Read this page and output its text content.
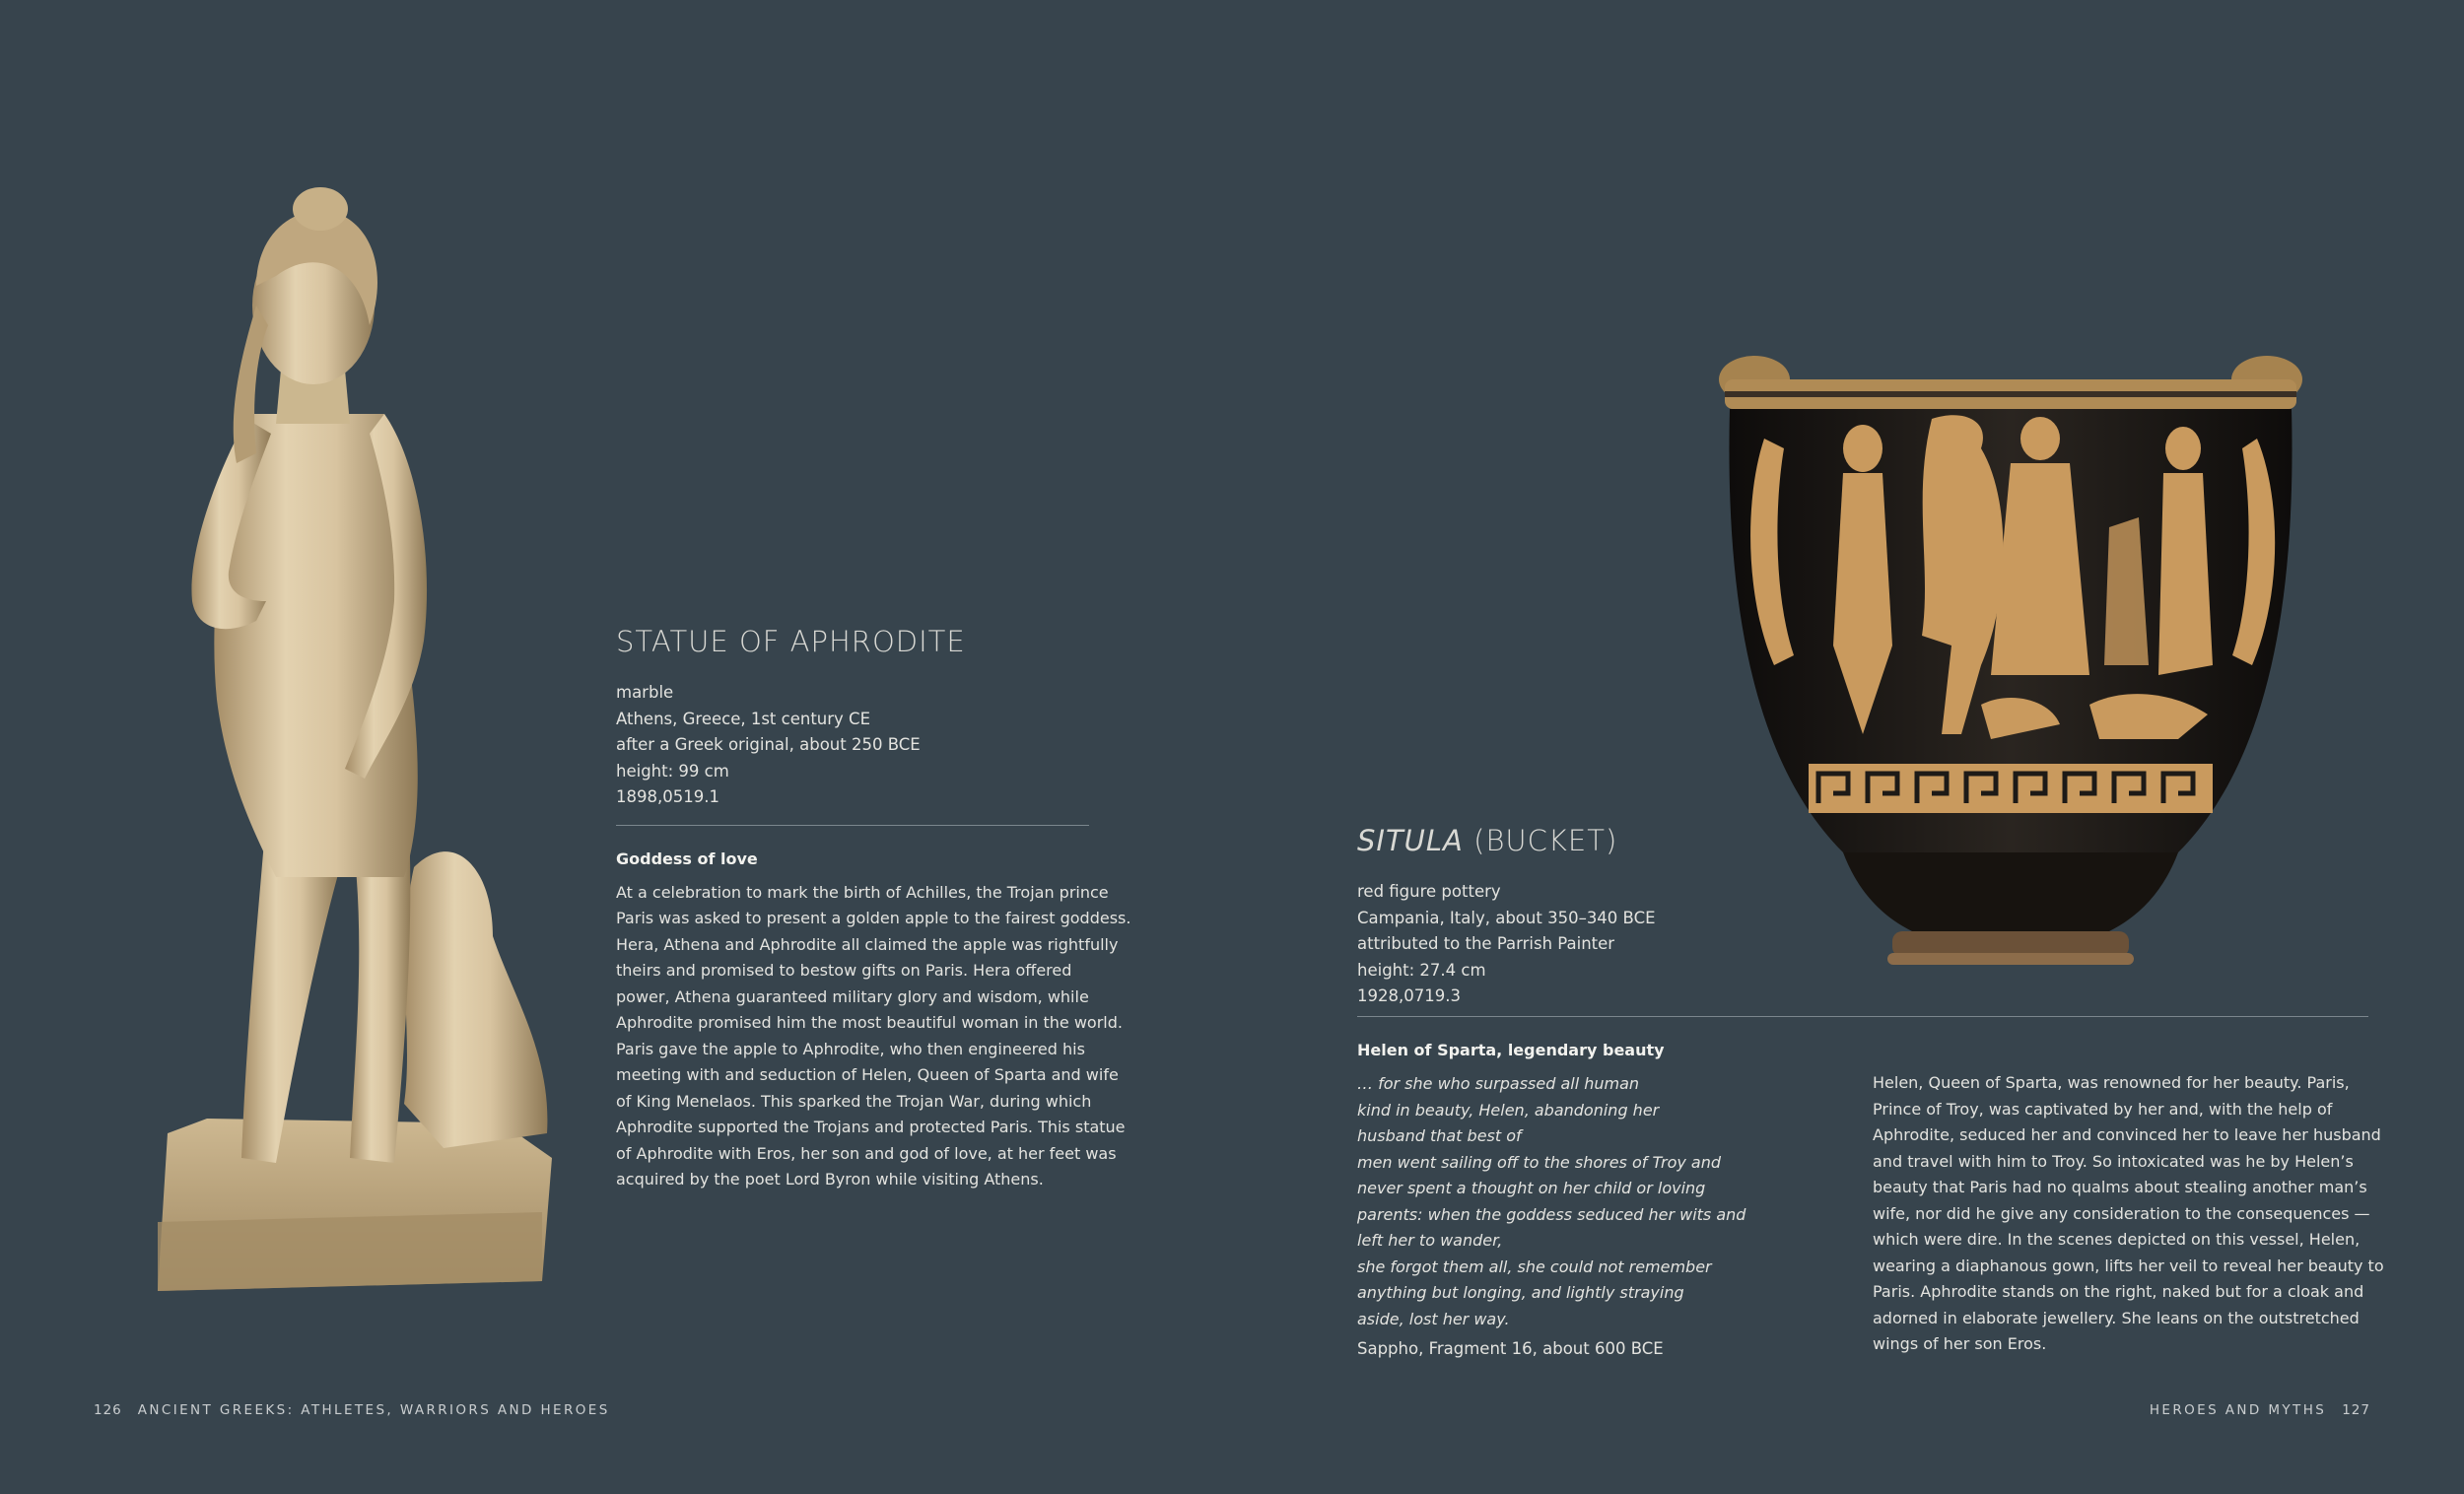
STATUE OF APHRODITE
marble
Athens, Greece, 1st century CE
after a Greek original, about 250 BCE
height: 99 cm
1898,0519.1
Goddess of love
At a celebration to mark the birth of Achilles, the Trojan prince
Paris was asked to present a golden apple to the fairest goddess.
Hera, Athena and Aphrodite all claimed the apple was rightfully
theirs and promised to bestow gifts on Paris. Hera offered
power, Athena guaranteed military glory and wisdom, while
Aphrodite promised him the most beautiful woman in the world.
Paris gave the apple to Aphrodite, who then engineered his
meeting with and seduction of Helen, Queen of Sparta and wife
of King Menelaos. This sparked the Trojan War, during which
Aphrodite supported the Trojans and protected Paris. This statue
of Aphrodite with Eros, her son and god of love, at her feet was
acquired by the poet Lord Byron while visiting Athens.
SITULA (BUCKET)
red figure pottery
Campania, Italy, about 350–340 BCE
attributed to the Parrish Painter
height: 27.4 cm
1928,0719.3
Helen of Sparta, legendary beauty
… for she who surpassed all human
kind in beauty, Helen, abandoning her
husband that best of
men went sailing off to the shores of Troy and
never spent a thought on her child or loving
parents: when the goddess seduced her wits and
left her to wander,
she forgot them all, she could not remember
anything but longing, and lightly straying
aside, lost her way.
Sappho, Fragment 16, about 600 BCE
Helen, Queen of Sparta, was renowned for her beauty. Paris,
Prince of Troy, was captivated by her and, with the help of
Aphrodite, seduced her and convinced her to leave her husband
and travel with him to Troy. So intoxicated was he by Helen’s
beauty that Paris had no qualms about stealing another man’s
wife, nor did he give any consideration to the consequences —
which were dire. In the scenes depicted on this vessel, Helen,
wearing a diaphanous gown, lifts her veil to reveal her beauty to
Paris. Aphrodite stands on the right, naked but for a cloak and
adorned in elaborate jewellery. She leans on the outstretched
wings of her son Eros.
126 ANCIENT GREEKS: ATHLETES, WARRIORS AND HEROES	HEROES AND MYTHS 127
